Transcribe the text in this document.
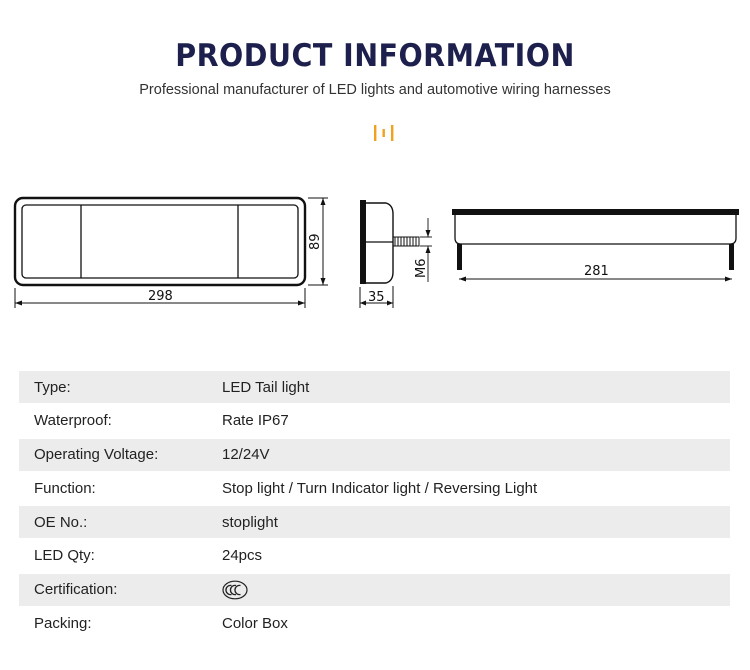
PRODUCT INFORMATION
Professional manufacturer of LED lights and automotive wiring harnesses
298
89
M6
35
281
Type:	LED Tail light
Waterproof:	Rate IP67
Operating Voltage:	12/24V
Function:	Stop light / Turn Indicator light / Reversing Light
OE No.:	stoplight
LED Qty:	24pcs
Certification:
Packing:	Color Box
